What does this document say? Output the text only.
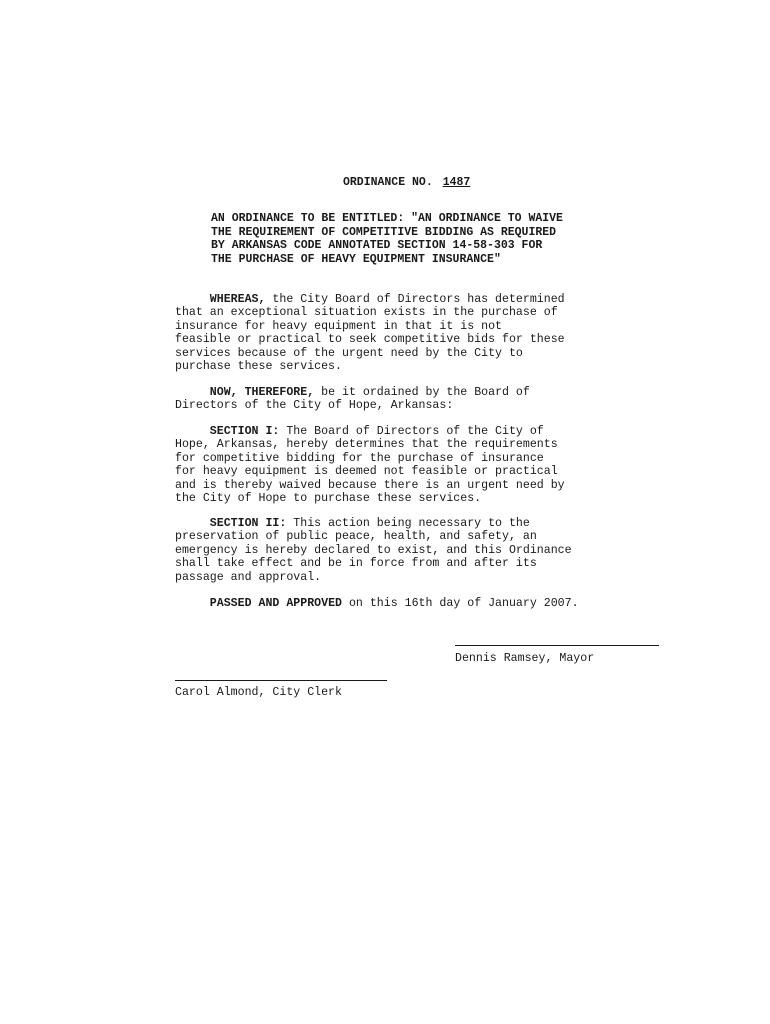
ORDINANCE NO. 1487
AN ORDINANCE TO BE ENTITLED: "AN ORDINANCE TO WAIVE
THE REQUIREMENT OF COMPETITIVE BIDDING AS REQUIRED
BY ARKANSAS CODE ANNOTATED SECTION 14-58-303 FOR
THE PURCHASE OF HEAVY EQUIPMENT INSURANCE"
WHEREAS, the City Board of Directors has determined
that an exceptional situation exists in the purchase of
insurance for heavy equipment in that it is not
feasible or practical to seek competitive bids for these
services because of the urgent need by the City to
purchase these services.
NOW, THEREFORE, be it ordained by the Board of
Directors of the City of Hope, Arkansas:
SECTION I: The Board of Directors of the City of
Hope, Arkansas, hereby determines that the requirements
for competitive bidding for the purchase of insurance
for heavy equipment is deemed not feasible or practical
and is thereby waived because there is an urgent need by
the City of Hope to purchase these services.
SECTION II: This action being necessary to the
preservation of public peace, health, and safety, an
emergency is hereby declared to exist, and this Ordinance
shall take effect and be in force from and after its
passage and approval.
PASSED AND APPROVED on this 16th day of January 2007.
Dennis Ramsey, Mayor
Carol Almond, City Clerk
